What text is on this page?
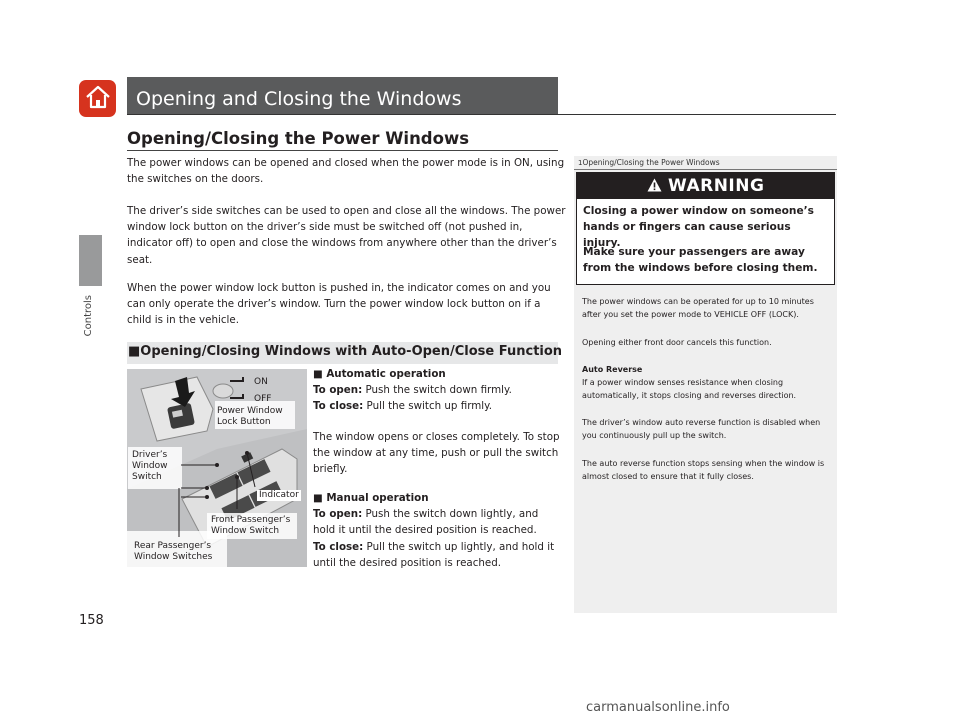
Opening and Closing the Windows
Controls
Opening/Closing the Power Windows
The power windows can be opened and closed when the power mode is in ON, using the switches on the doors.
The driver’s side switches can be used to open and close all the windows. The power window lock button on the driver’s side must be switched off (not pushed in, indicator off) to open and close the windows from anywhere other than the driver’s seat.
When the power window lock button is pushed in, the indicator comes on and you can only operate the driver’s window. Turn the power window lock button on if a child is in the vehicle.
■Opening/Closing Windows with Auto-Open/Close Function
ON
OFF
Power Window
Lock Button
Driver’s
Window
Switch
Indicator
Front Passenger’s
Window Switch
Rear Passenger’s
Window Switches
■ Automatic operation
To open: Push the switch down firmly.
To close: Pull the switch up firmly.
The window opens or closes completely. To stop the window at any time, push or pull the switch briefly.
■ Manual operation
To open: Push the switch down lightly, and hold it until the desired position is reached.
To close: Pull the switch up lightly, and hold it until the desired position is reached.
1Opening/Closing the Power Windows
WARNING
Closing a power window on someone’s hands or fingers can cause serious injury.
Make sure your passengers are away from the windows before closing them.
The power windows can be operated for up to 10 minutes after you set the power mode to VEHICLE OFF (LOCK).
Opening either front door cancels this function.
Auto Reverse
If a power window senses resistance when closing automatically, it stops closing and reverses direction.
The driver’s window auto reverse function is disabled when you continuously pull up the switch.
The auto reverse function stops sensing when the window is almost closed to ensure that it fully closes.
158
carmanualsonline.info
